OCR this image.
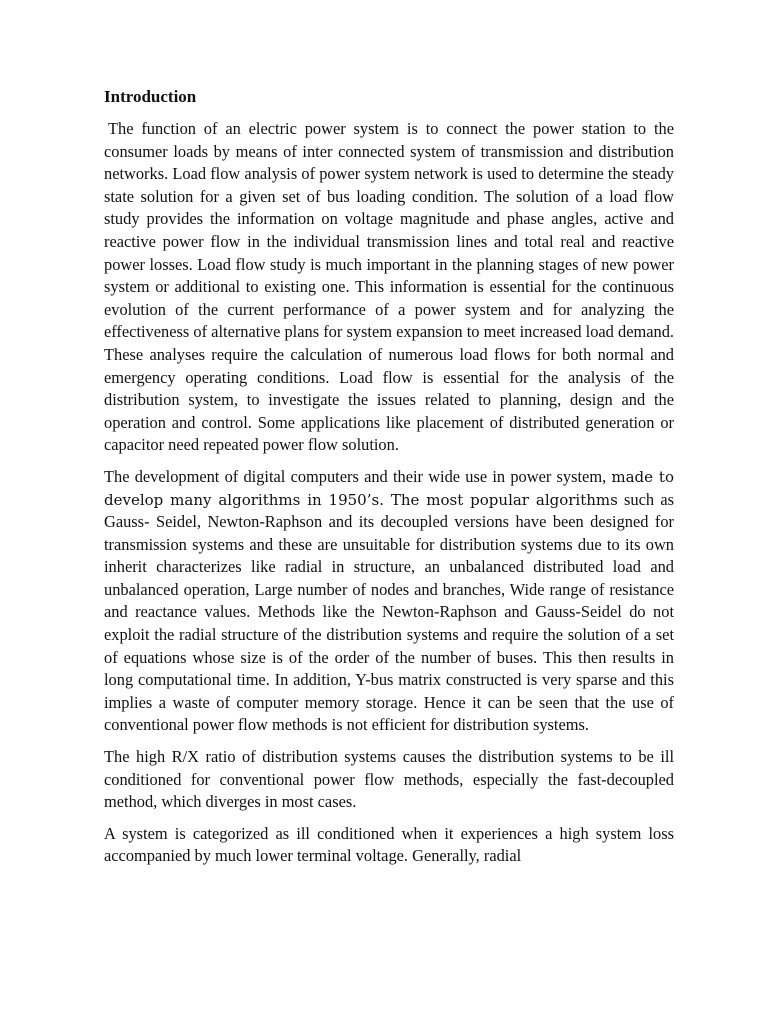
Introduction

The function of an electric power system is to connect the power station to the consumer loads by means of inter connected system of transmission and distribution networks. Load flow analysis of power system network is used to determine the steady state solution for a given set of bus loading condition. The solution of a load flow study provides the information on voltage magnitude and phase angles, active and reactive power flow in the individual transmission lines and total real and reactive power losses. Load flow study is much important in the planning stages of new power system or additional to existing one. This information is essential for the continuous evolution of the current performance of a power system and for analyzing the effectiveness of alternative plans for system expansion to meet increased load demand. These analyses require the calculation of numerous load flows for both normal and emergency operating conditions. Load flow is essential for the analysis of the distribution system, to investigate the issues related to planning, design and the operation and control. Some applications like placement of distributed generation or capacitor need repeated power flow solution.

The development of digital computers and their wide use in power system, made to develop many algorithms in 1950’s. The most popular algorithms such as Gauss- Seidel, Newton-Raphson and its decoupled versions have been designed for transmission systems and these are unsuitable for distribution systems due to its own inherit characterizes like radial in structure, an unbalanced distributed load and unbalanced operation, Large number of nodes and branches, Wide range of resistance and reactance values. Methods like the Newton-Raphson and Gauss-Seidel do not exploit the radial structure of the distribution systems and require the solution of a set of equations whose size is of the order of the number of buses. This then results in long computational time. In addition, Y-bus matrix constructed is very sparse and this implies a waste of computer memory storage. Hence it can be seen that the use of conventional power flow methods is not efficient for distribution systems.

The high R/X ratio of distribution systems causes the distribution systems to be ill conditioned for conventional power flow methods, especially the fast-decoupled method, which diverges in most cases.

A system is categorized as ill conditioned when it experiences a high system loss accompanied by much lower terminal voltage. Generally, radial
